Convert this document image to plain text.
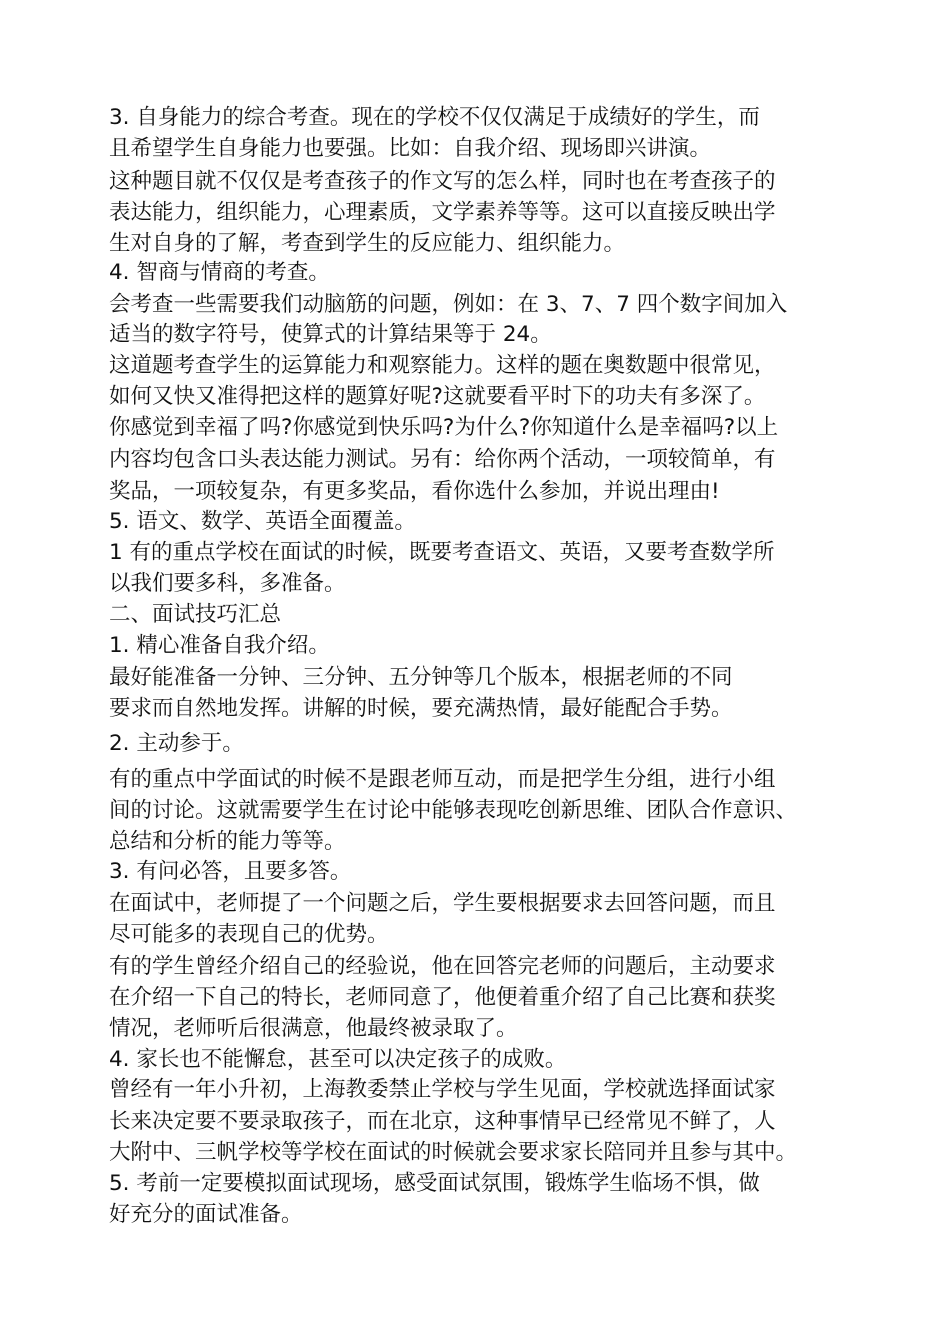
3. 自身能力的综合考查。现在的学校不仅仅满足于成绩好的学生，而
且希望学生自身能力也要强。比如：自我介绍、现场即兴讲演。
这种题目就不仅仅是考查孩子的作文写的怎么样，同时也在考查孩子的
表达能力，组织能力，心理素质，文学素养等等。这可以直接反映出学
生对自身的了解，考查到学生的反应能力、组织能力。
4. 智商与情商的考查。
会考查一些需要我们动脑筋的问题，例如：在 3、7、7 四个数字间加入
适当的数字符号，使算式的计算结果等于 24。
这道题考查学生的运算能力和观察能力。这样的题在奥数题中很常见，
如何又快又准得把这样的题算好呢?这就要看平时下的功夫有多深了。
你感觉到幸福了吗?你感觉到快乐吗?为什么?你知道什么是幸福吗?以上
内容均包含口头表达能力测试。另有：给你两个活动，一项较简单，有
奖品，一项较复杂，有更多奖品，看你选什么参加，并说出理由!
5. 语文、数学、英语全面覆盖。
1 有的重点学校在面试的时候，既要考查语文、英语，又要考查数学所
以我们要多科，多准备。
二、面试技巧汇总
1. 精心准备自我介绍。
最好能准备一分钟、三分钟、五分钟等几个版本，根据老师的不同
要求而自然地发挥。讲解的时候，要充满热情，最好能配合手势。
2. 主动参于。
有的重点中学面试的时候不是跟老师互动，而是把学生分组，进行小组
间的讨论。这就需要学生在讨论中能够表现吃创新思维、团队合作意识、
总结和分析的能力等等。
3. 有问必答，且要多答。
在面试中，老师提了一个问题之后，学生要根据要求去回答问题，而且
尽可能多的表现自己的优势。
有的学生曾经介绍自己的经验说，他在回答完老师的问题后，主动要求
在介绍一下自己的特长，老师同意了，他便着重介绍了自己比赛和获奖
情况，老师听后很满意，他最终被录取了。
4. 家长也不能懈怠，甚至可以决定孩子的成败。
曾经有一年小升初，上海教委禁止学校与学生见面，学校就选择面试家
长来决定要不要录取孩子，而在北京，这种事情早已经常见不鲜了，人
大附中、三帆学校等学校在面试的时候就会要求家长陪同并且参与其中。
5. 考前一定要模拟面试现场，感受面试氛围，锻炼学生临场不惧，做
好充分的面试准备。
